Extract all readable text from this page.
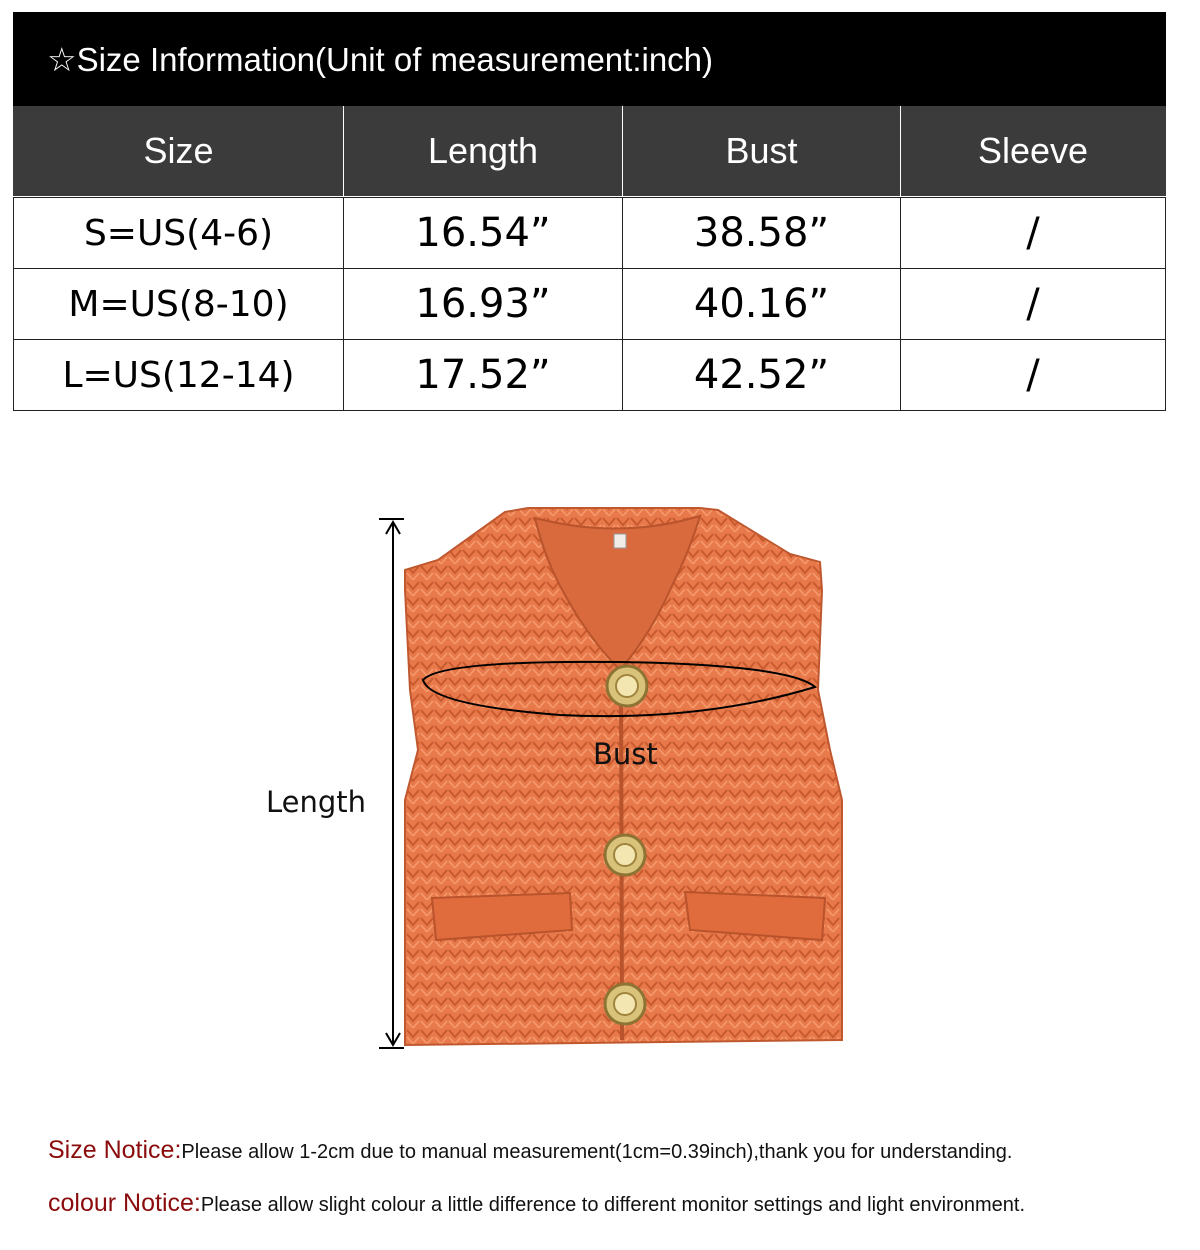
☆Size Information(Unit of measurement:inch)
Size	Length	Bust	Sleeve

S=US(4-6)	16.54”	38.58”	/
M=US(8-10)	16.93”	40.16”	/
L=US(12-14)	17.52”	42.52”	/
Length
Bust
Size Notice:Please allow 1-2cm due to manual measurement(1cm=0.39inch),thank you for understanding.
colour Notice:Please allow slight colour a little difference to different monitor settings and light environment.
